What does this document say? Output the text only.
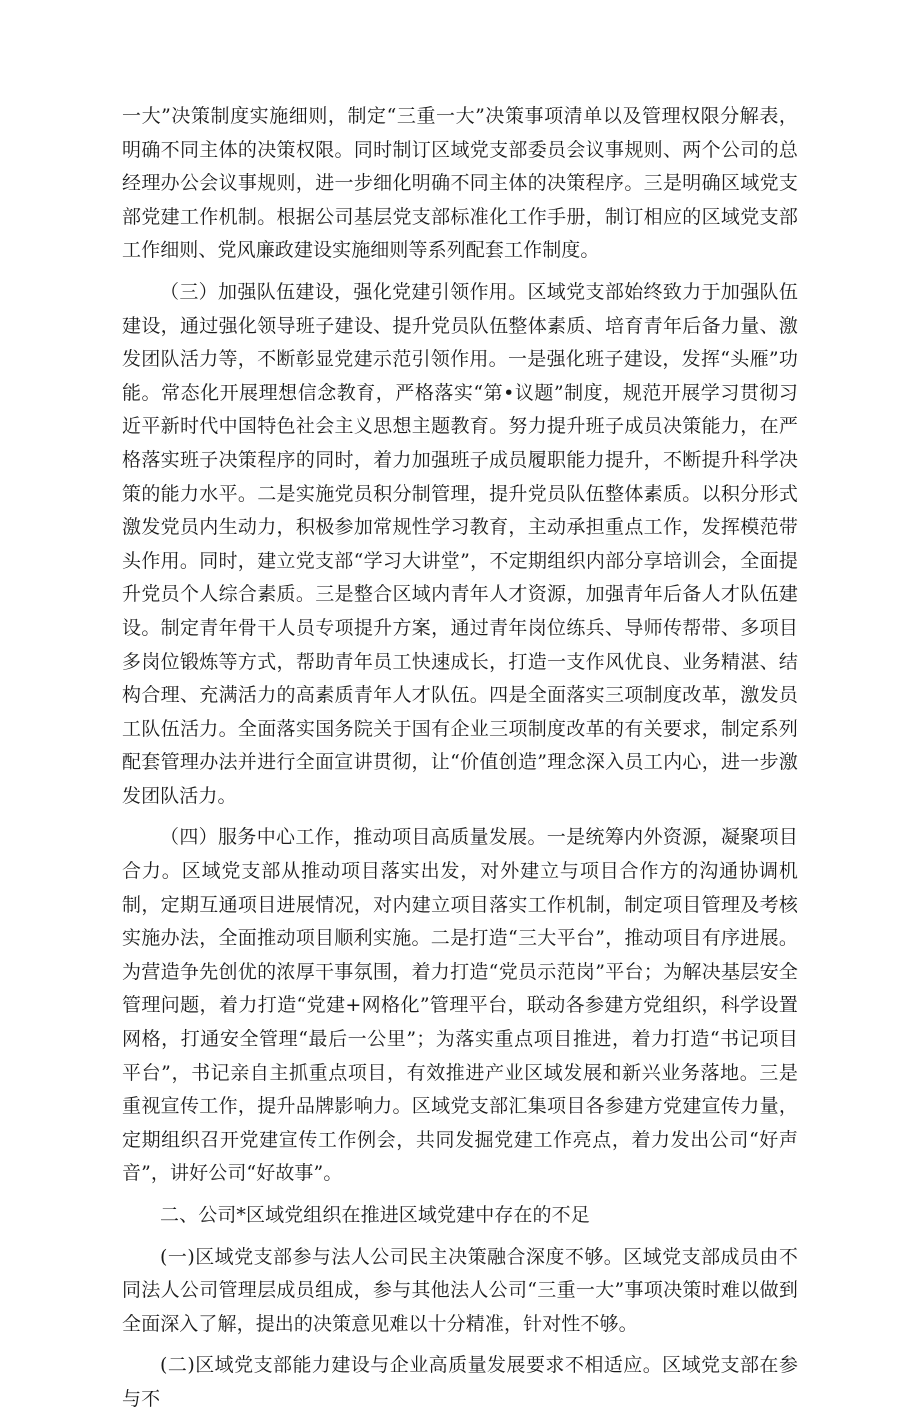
一大”决策制度实施细则，制定“三重一大”决策事项清单以及管理权限分解表，明确不同主体的决策权限。同时制订区域党支部委员会议事规则、两个公司的总经理办公会议事规则，进一步细化明确不同主体的决策程序。三是明确区域党支部党建工作机制。根据公司基层党支部标准化工作手册，制订相应的区域党支部工作细则、党风廉政建设实施细则等系列配套工作制度。

（三）加强队伍建设，强化党建引领作用。区域党支部始终致力于加强队伍建设，通过强化领导班子建设、提升党员队伍整体素质、培育青年后备力量、激发团队活力等，不断彰显党建示范引领作用。一是强化班子建设，发挥“头雁”功能。常态化开展理想信念教育，严格落实“第•议题”制度，规范开展学习贯彻习近平新时代中国特色社会主义思想主题教育。努力提升班子成员决策能力，在严格落实班子决策程序的同时，着力加强班子成员履职能力提升，不断提升科学决策的能力水平。二是实施党员积分制管理，提升党员队伍整体素质。以积分形式激发党员内生动力，积极参加常规性学习教育，主动承担重点工作，发挥模范带头作用。同时，建立党支部“学习大讲堂”，不定期组织内部分享培训会，全面提升党员个人综合素质。三是整合区域内青年人才资源，加强青年后备人才队伍建设。制定青年骨干人员专项提升方案，通过青年岗位练兵、导师传帮带、多项目多岗位锻炼等方式，帮助青年员工快速成长，打造一支作风优良、业务精湛、结构合理、充满活力的高素质青年人才队伍。四是全面落实三项制度改革，激发员工队伍活力。全面落实国务院关于国有企业三项制度改革的有关要求，制定系列配套管理办法并进行全面宣讲贯彻，让“价值创造”理念深入员工内心，进一步激发团队活力。

（四）服务中心工作，推动项目高质量发展。一是统筹内外资源，凝聚项目合力。区域党支部从推动项目落实出发，对外建立与项目合作方的沟通协调机制，定期互通项目进展情况，对内建立项目落实工作机制，制定项目管理及考核实施办法，全面推动项目顺利实施。二是打造“三大平台”，推动项目有序进展。为营造争先创优的浓厚干事氛围，着力打造“党员示范岗”平台；为解决基层安全管理问题，着力打造“党建+网格化”管理平台，联动各参建方党组织，科学设置网格，打通安全管理“最后一公里”；为落实重点项目推进，着力打造“书记项目平台”，书记亲自主抓重点项目，有效推进产业区域发展和新兴业务落地。三是重视宣传工作，提升品牌影响力。区域党支部汇集项目各参建方党建宣传力量，定期组织召开党建宣传工作例会，共同发掘党建工作亮点，着力发出公司“好声音”，讲好公司“好故事”。

二、公司*区域党组织在推进区域党建中存在的不足

(一)区域党支部参与法人公司民主决策融合深度不够。区域党支部成员由不同法人公司管理层成员组成，参与其他法人公司“三重一大”事项决策时难以做到全面深入了解，提出的决策意见难以十分精准，针对性不够。

(二)区域党支部能力建设与企业高质量发展要求不相适应。区域党支部在参与不
